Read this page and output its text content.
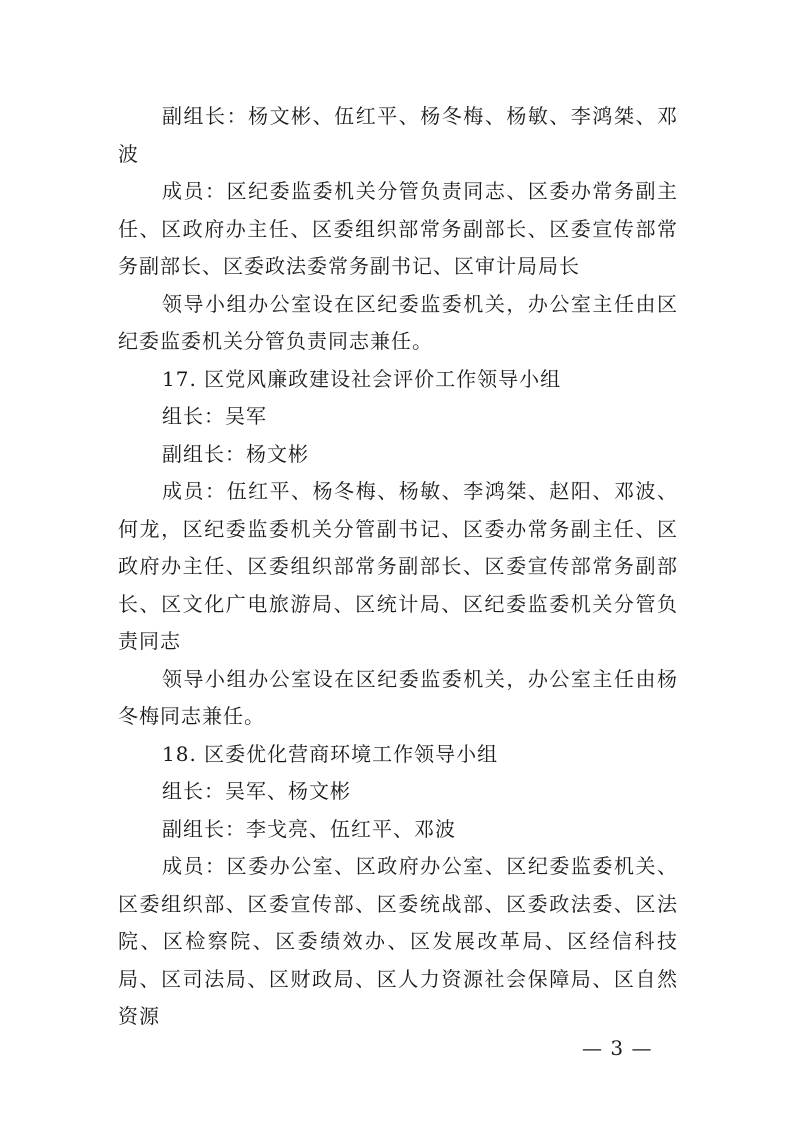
副组长：杨文彬、伍红平、杨冬梅、杨敏、李鸿桀、邓波

成员：区纪委监委机关分管负责同志、区委办常务副主任、区政府办主任、区委组织部常务副部长、区委宣传部常务副部长、区委政法委常务副书记、区审计局局长

领导小组办公室设在区纪委监委机关，办公室主任由区纪委监委机关分管负责同志兼任。

17. 区党风廉政建设社会评价工作领导小组

组长：吴军

副组长：杨文彬

成员：伍红平、杨冬梅、杨敏、李鸿桀、赵阳、邓波、何龙，区纪委监委机关分管副书记、区委办常务副主任、区政府办主任、区委组织部常务副部长、区委宣传部常务副部长、区文化广电旅游局、区统计局、区纪委监委机关分管负责同志

领导小组办公室设在区纪委监委机关，办公室主任由杨冬梅同志兼任。

18. 区委优化营商环境工作领导小组

组长：吴军、杨文彬

副组长：李戈亮、伍红平、邓波

成员：区委办公室、区政府办公室、区纪委监委机关、区委组织部、区委宣传部、区委统战部、区委政法委、区法院、区检察院、区委绩效办、区发展改革局、区经信科技局、区司法局、区财政局、区人力资源社会保障局、区自然资源

— 3 —
